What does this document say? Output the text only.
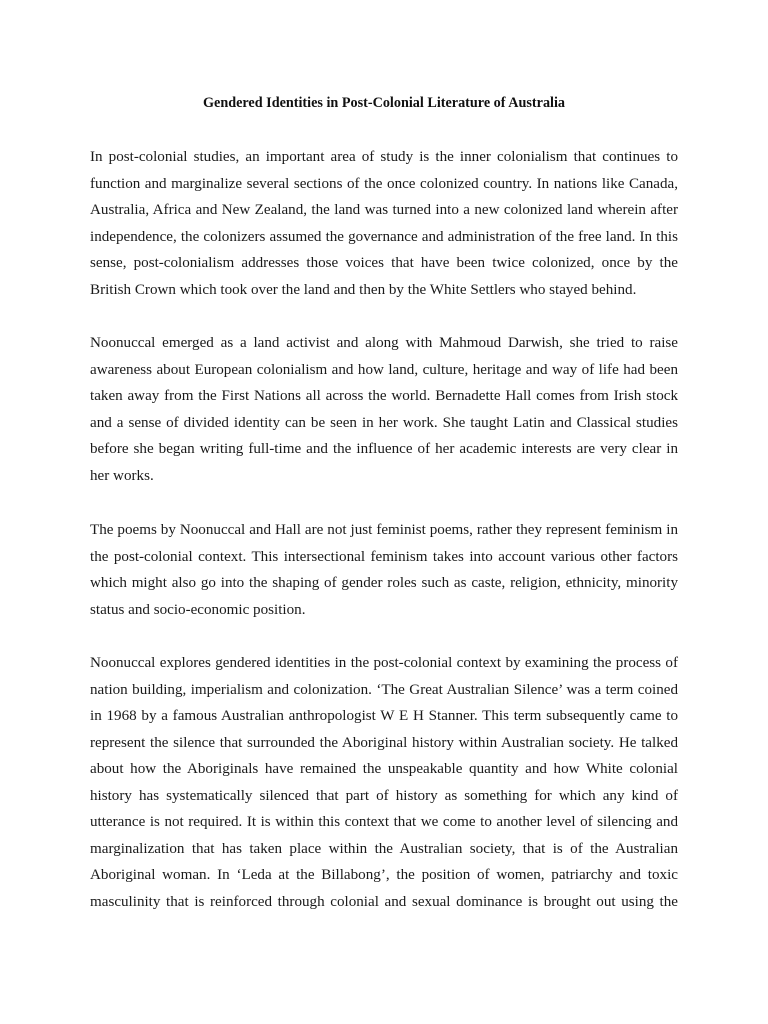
Gendered Identities in Post-Colonial Literature of Australia

In post-colonial studies, an important area of study is the inner colonialism that continues to
function and marginalize several sections of the once colonized country. In nations like Canada,
Australia, Africa and New Zealand, the land was turned into a new colonized land wherein after
independence, the colonizers assumed the governance and administration of the free land. In this
sense, post-colonialism addresses those voices that have been twice colonized, once by the
British Crown which took over the land and then by the White Settlers who stayed behind.

Noonuccal emerged as a land activist and along with Mahmoud Darwish, she tried to raise
awareness about European colonialism and how land, culture, heritage and way of life had been
taken away from the First Nations all across the world. Bernadette Hall comes from Irish stock
and a sense of divided identity can be seen in her work. She taught Latin and Classical studies
before she began writing full-time and the influence of her academic interests are very clear in
her works.

The poems by Noonuccal and Hall are not just feminist poems, rather they represent feminism in
the post-colonial context. This intersectional feminism takes into account various other factors
which might also go into the shaping of gender roles such as caste, religion, ethnicity, minority
status and socio-economic position.

Noonuccal explores gendered identities in the post-colonial context by examining the process of
nation building, imperialism and colonization. ‘The Great Australian Silence’ was a term coined
in 1968 by a famous Australian anthropologist W E H Stanner. This term subsequently came to
represent the silence that surrounded the Aboriginal history within Australian society. He talked
about how the Aboriginals have remained the unspeakable quantity and how White colonial
history has systematically silenced that part of history as something for which any kind of
utterance is not required. It is within this context that we come to another level of silencing and
marginalization that has taken place within the Australian society, that is of the Australian
Aboriginal woman. In ‘Leda at the Billabong’, the position of women, patriarchy and toxic
masculinity that is reinforced through colonial and sexual dominance is brought out using the
